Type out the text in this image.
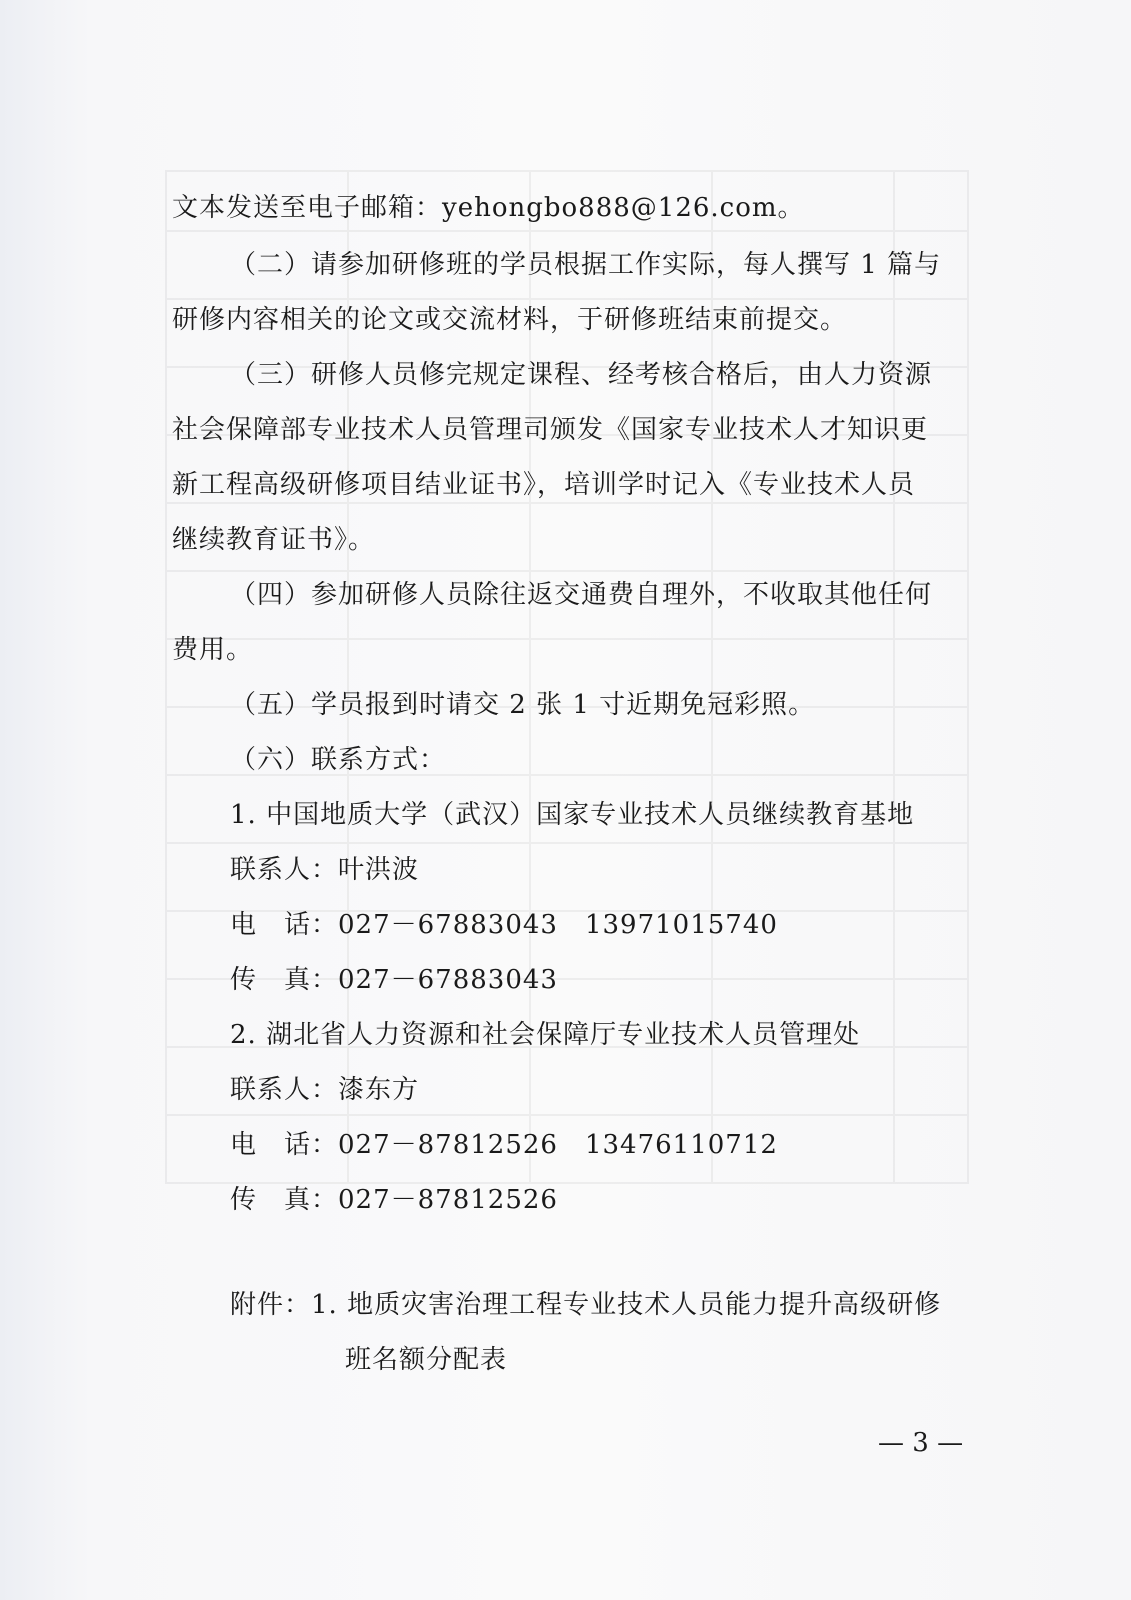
文本发送至电子邮箱：yehongbo888@126.com。
（二）请参加研修班的学员根据工作实际，每人撰写 1 篇与
研修内容相关的论文或交流材料，于研修班结束前提交。
（三）研修人员修完规定课程、经考核合格后，由人力资源
社会保障部专业技术人员管理司颁发《国家专业技术人才知识更
新工程高级研修项目结业证书》，培训学时记入《专业技术人员
继续教育证书》。
（四）参加研修人员除往返交通费自理外，不收取其他任何
费用。
（五）学员报到时请交 2 张 1 寸近期免冠彩照。
（六）联系方式：
1. 中国地质大学（武汉）国家专业技术人员继续教育基地
联系人：叶洪波
电　话：027－67883043　13971015740
传　真：027－67883043
2. 湖北省人力资源和社会保障厅专业技术人员管理处
联系人：漆东方
电　话：027－87812526　13476110712
传　真：027－87812526
附件：1. 地质灾害治理工程专业技术人员能力提升高级研修
班名额分配表
— 3 —
